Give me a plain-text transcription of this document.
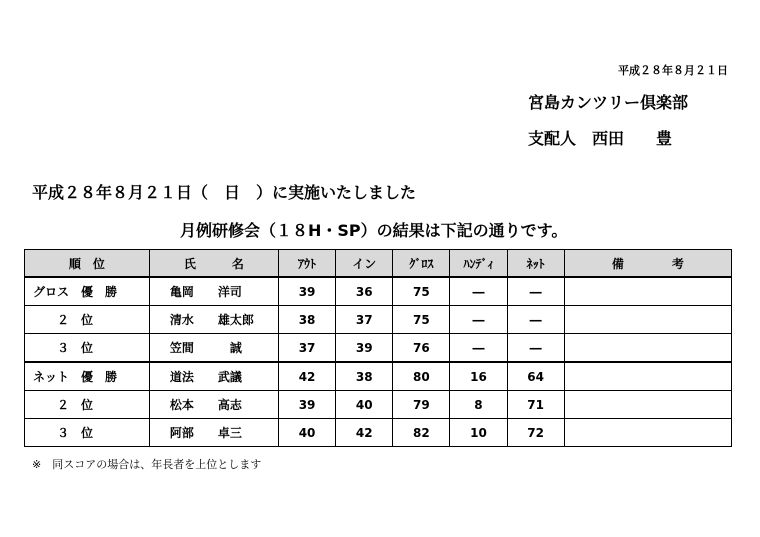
平成２８年８月２１日
宮島カンツリー倶楽部
支配人　西田　　豊
平成２８年８月２１日（　日　）に実施いたしました
月例研修会（１８H・SP）の結果は下記の通りです。
順　位	氏　　　名	ｱｳﾄ	イン	ｸﾞﾛｽ	ﾊﾝﾃﾞｨ	ﾈｯﾄ	備　　　　考
グロス　優　勝	亀岡　　洋司	39	36	75	―	―	
　　２　位	清水　　雄太郎	38	37	75	―	―	
　　３　位	笠間　　　誠	37	39	76	―	―	
ネット　優　勝	道法　　武議	42	38	80	16	64	
　　２　位	松本　　高志	39	40	79	8	71	
　　３　位	阿部　　卓三	40	42	82	10	72	
※　同スコアの場合は、年長者を上位とします
